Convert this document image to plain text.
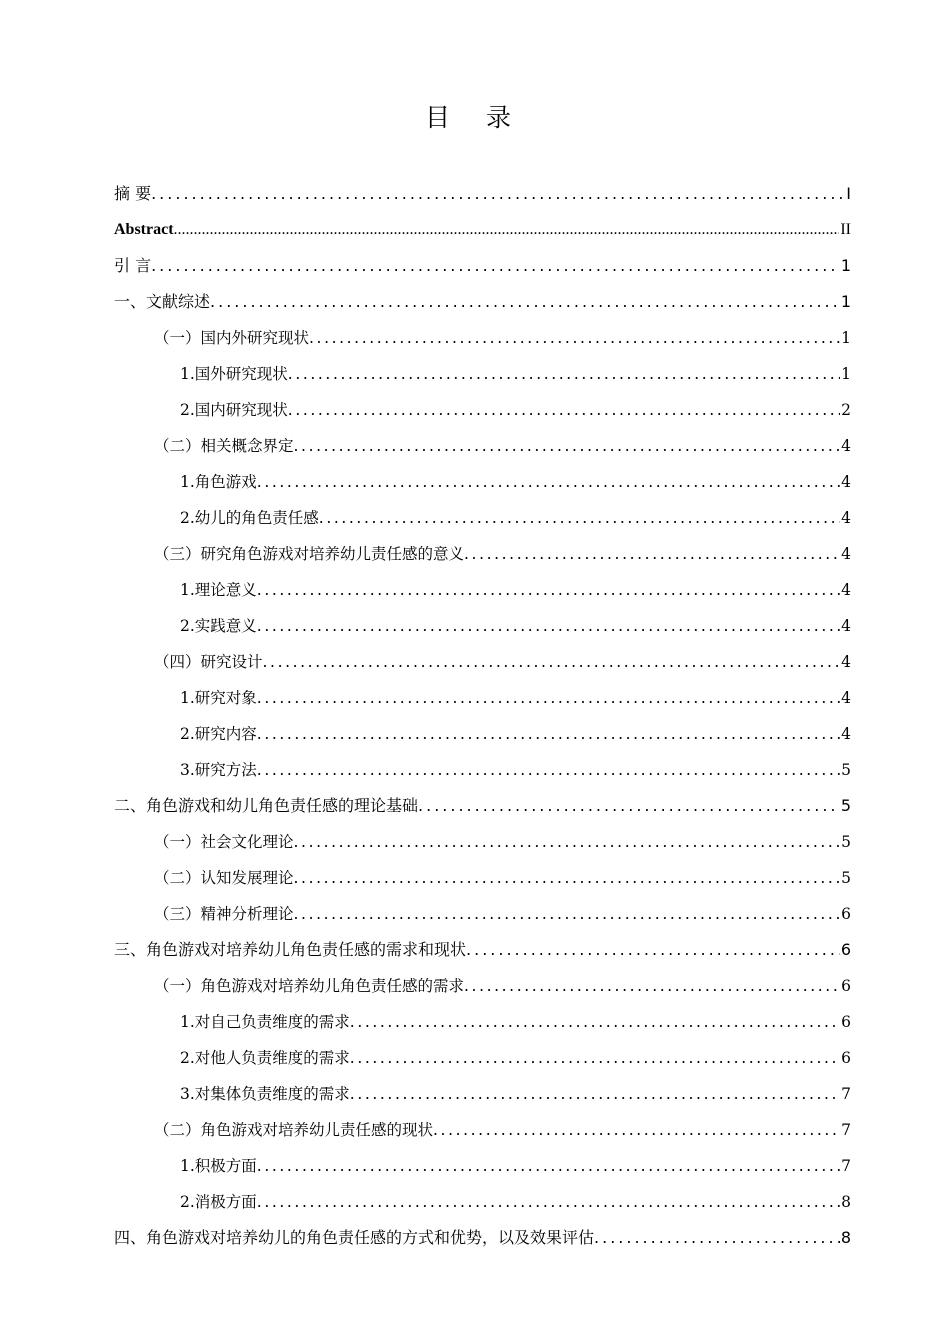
目 录
摘 要 .....	I
Abstract .....	II
引 言 .....	1
一、文献综述 .....	1
（一）国内外研究现状 .....	1
1.国外研究现状 .....	1
2.国内研究现状 .....	2
（二）相关概念界定 .....	4
1.角色游戏 .....	4
2.幼儿的角色责任感 .....	4
（三）研究角色游戏对培养幼儿责任感的意义 .....	4
1.理论意义 .....	4
2.实践意义 .....	4
（四）研究设计 .....	4
1.研究对象 .....	4
2.研究内容 .....	4
3.研究方法 .....	5
二、角色游戏和幼儿角色责任感的理论基础 .....	5
（一）社会文化理论 .....	5
（二）认知发展理论 .....	5
（三）精神分析理论 .....	6
三、角色游戏对培养幼儿角色责任感的需求和现状 .....	6
（一）角色游戏对培养幼儿角色责任感的需求 .....	6
1.对自己负责维度的需求 .....	6
2.对他人负责维度的需求 .....	6
3.对集体负责维度的需求 .....	7
（二）角色游戏对培养幼儿责任感的现状 .....	7
1.积极方面 .....	7
2.消极方面 .....	8
四、角色游戏对培养幼儿的角色责任感的方式和优势，以及效果评估 .....	8
